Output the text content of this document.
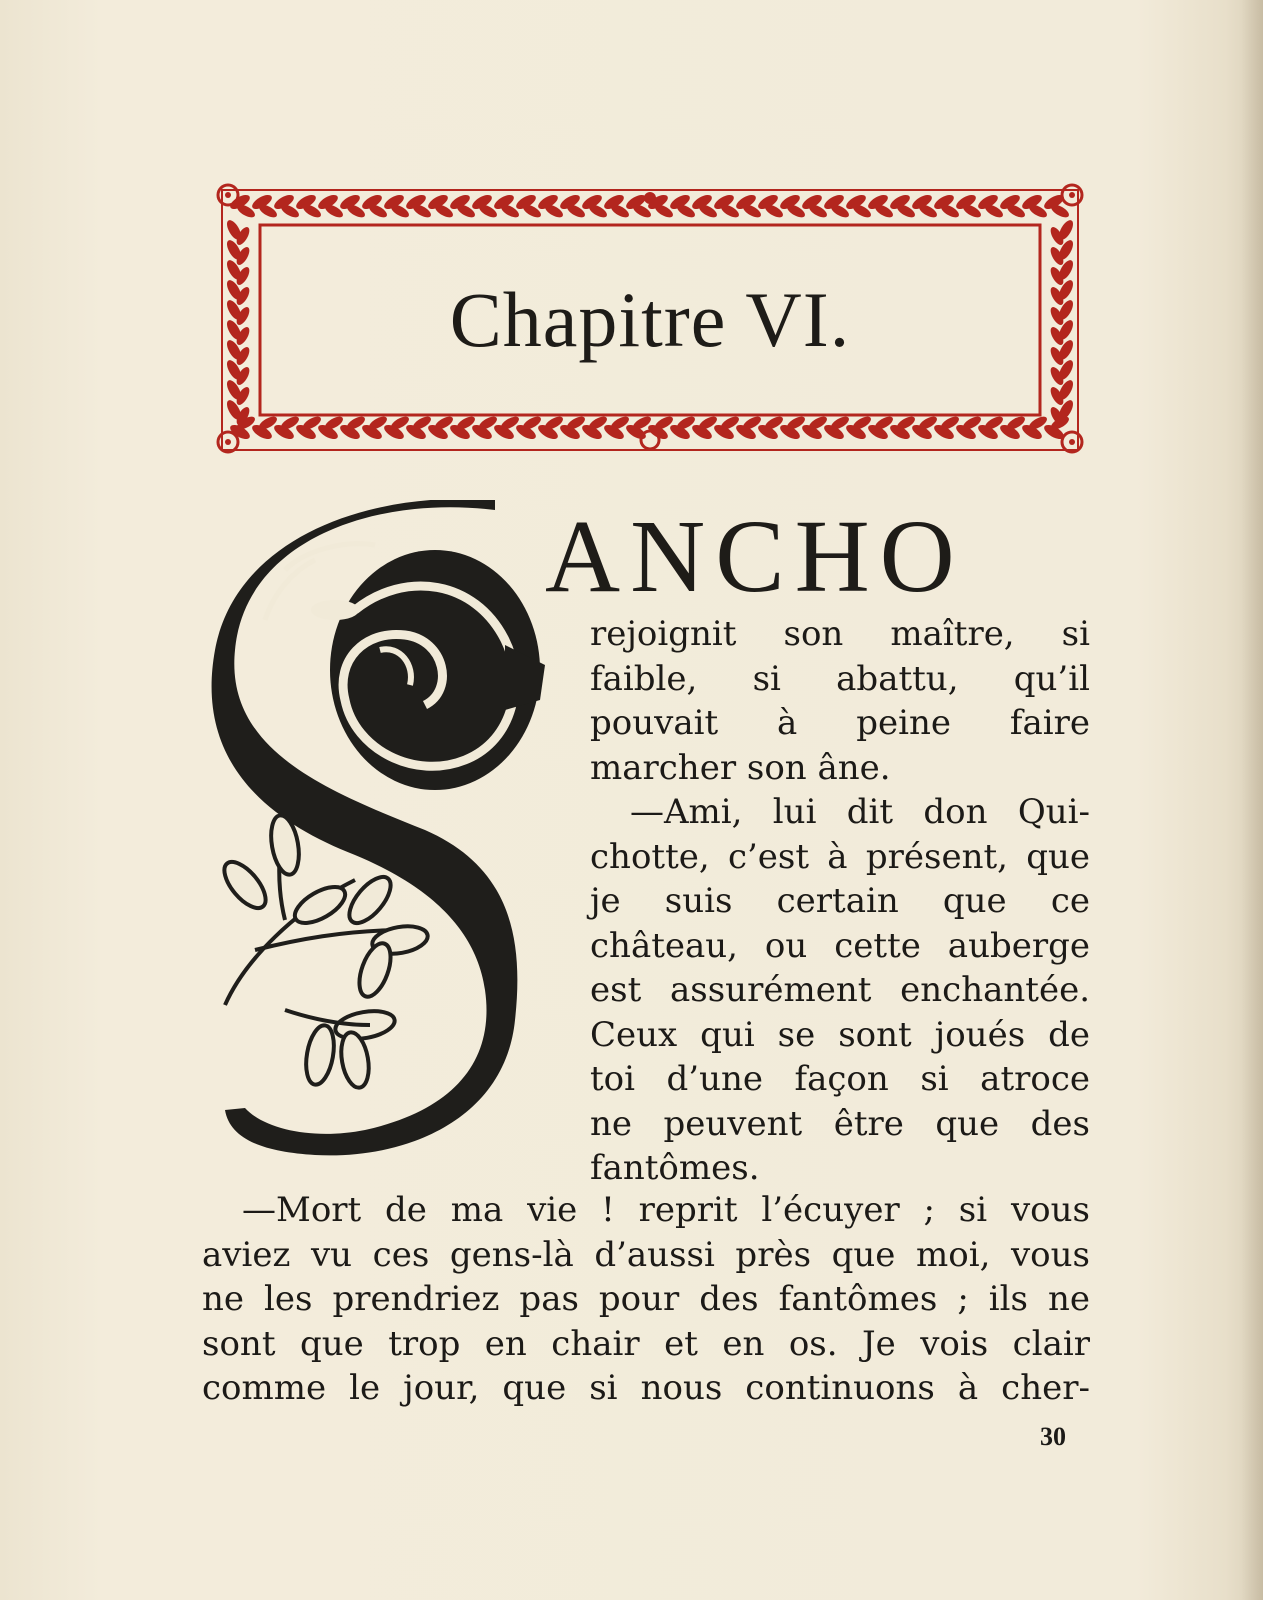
Chapitre VI.
ANCHO
rejoignit son maître, si
faible, si abattu, qu’il
pouvait à peine faire
marcher son âne.
—Ami, lui dit don Qui-
chotte, c’est à présent, que
je suis certain que ce
château, ou cette auberge
est assurément enchantée.
Ceux qui se sont joués de
toi d’une façon si atroce
ne peuvent être que des
fantômes.
—Mort de ma vie ! reprit l’écuyer ; si vous
aviez vu ces gens-là d’aussi près que moi, vous
ne les prendriez pas pour des fantômes ; ils ne
sont que trop en chair et en os. Je vois clair
comme le jour, que si nous continuons à cher-
30
